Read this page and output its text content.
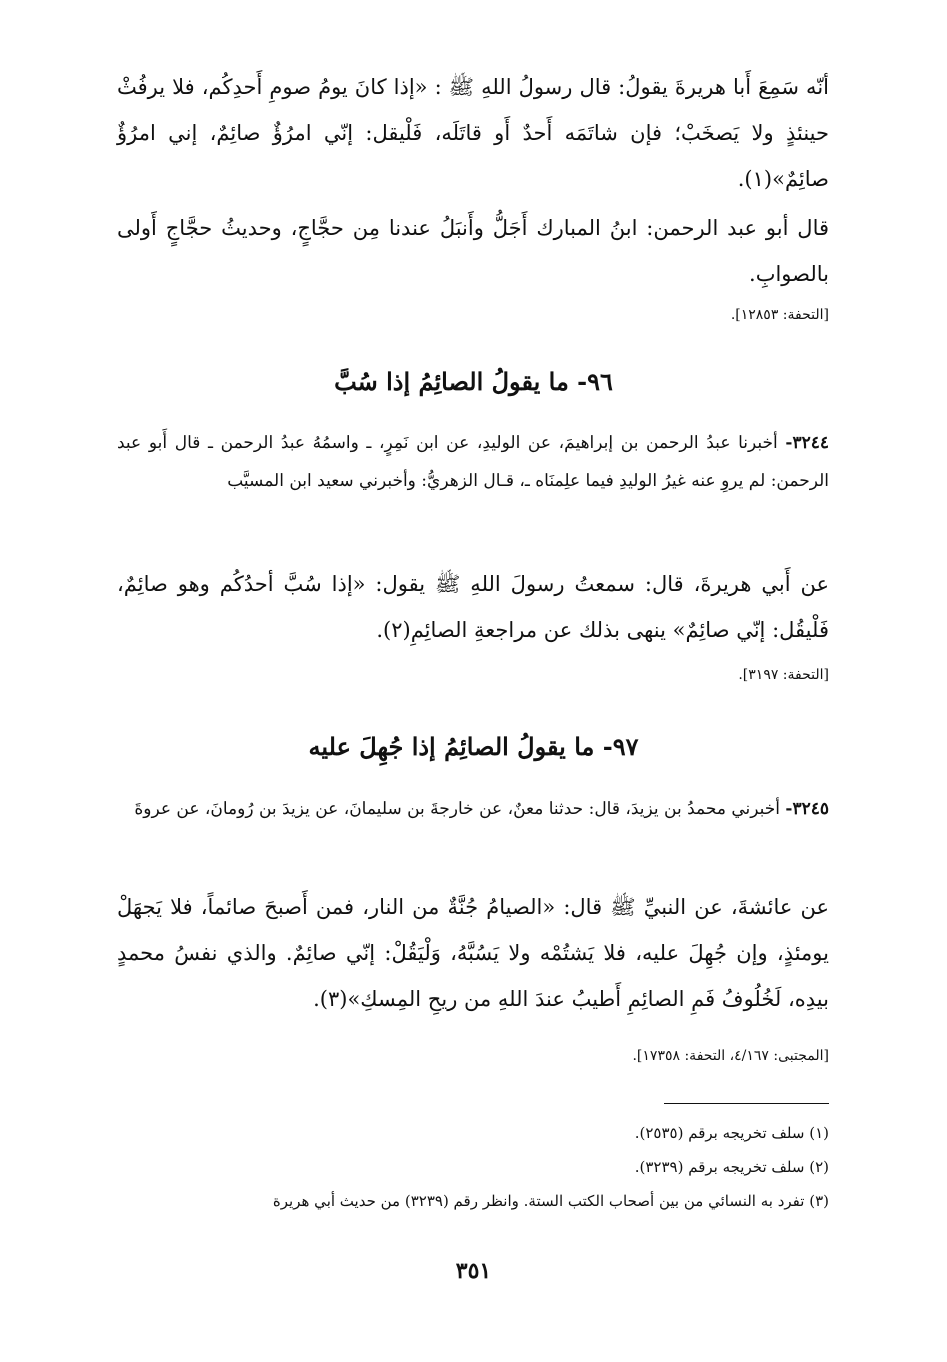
أنّه سَمِعَ أَبا هريرةَ يقولُ: قال رسولُ اللهِ ﷺ : «إذا كانَ يومُ صومِ أَحدِكُم، فلا يرفُثْ حينئذٍ ولا يَصخَبْ؛ فإن شاتَمَه أَحدٌ أَو قاتَلَه، فَلْيقل: إنّي امرُؤٌ صائِمٌ، إني امرُؤٌ صائِمٌ»(١).
قال أبو عبد الرحمن: ابنُ المبارك أَجَلُّ وأَنبَلُ عندنا مِن حجَّاجٍ، وحديثُ حجَّاجٍ أَولى بالصوابِ.
[التحفة: ١٢٨٥٣].
٩٦- ما يقولُ الصائِمُ إذا سُبَّ
٣٢٤٤- أخبرنا عبدُ الرحمن بن إبراهيمَ، عن الوليدِ، عن ابن نَمِرٍ، ـ واسمُهُ عبدُ الرحمن ـ قال أَبو عبد الرحمن: لم يروِ عنه غيرُ الوليدِ فيما علِمنَاه ـ، قـال الزهريُّ: وأخبرني سعيد ابن المسيَّب
عن أَبي هريرةَ، قال: سمعتُ رسولَ اللهِ ﷺ يقول: «إذا سُبَّ أحدُكُم وهو صائِمٌ، فَلْيقُل: إنّي صائِمٌ» ينهى بذلك عن مراجعةِ الصائِمِ(٢).
[التحفة: ٣١٩٧].
٩٧- ما يقولُ الصائِمُ إذا جُهِلَ عليه
٣٢٤٥- أخبرني محمدُ بن يزيدَ، قال: حدثنا معنٌ، عن خارجةَ بن سليمانَ، عن يزيدَ بن رُومانَ، عن عروةَ
عن عائشةَ، عن النبيِّ ﷺ قال: «الصيامُ جُنَّةٌ من النار، فمن أَصبحَ صائماً، فلا يَجهَلْ يومئذٍ، وإن جُهِلَ عليه، فلا يَشتُمْه ولا يَسُبَّهُ، وَلْيَقُلْ: إنّي صائِمٌ. والذي نفسُ محمدٍ بيدِه، لَخُلُوفُ فَمِ الصائِمِ أَطيبُ عندَ اللهِ من ريحِ المِسكِ»(٣).
[المجتبى: ٤/١٦٧، التحفة: ١٧٣٥٨].
(١) سلف تخريجه برقم (٢٥٣٥).
(٢) سلف تخريجه برقم (٣٢٣٩).
(٣) تفرد به النسائي من بين أصحاب الكتب الستة. وانظر رقم (٣٢٣٩) من حديث أبي هريرة
٣٥١
